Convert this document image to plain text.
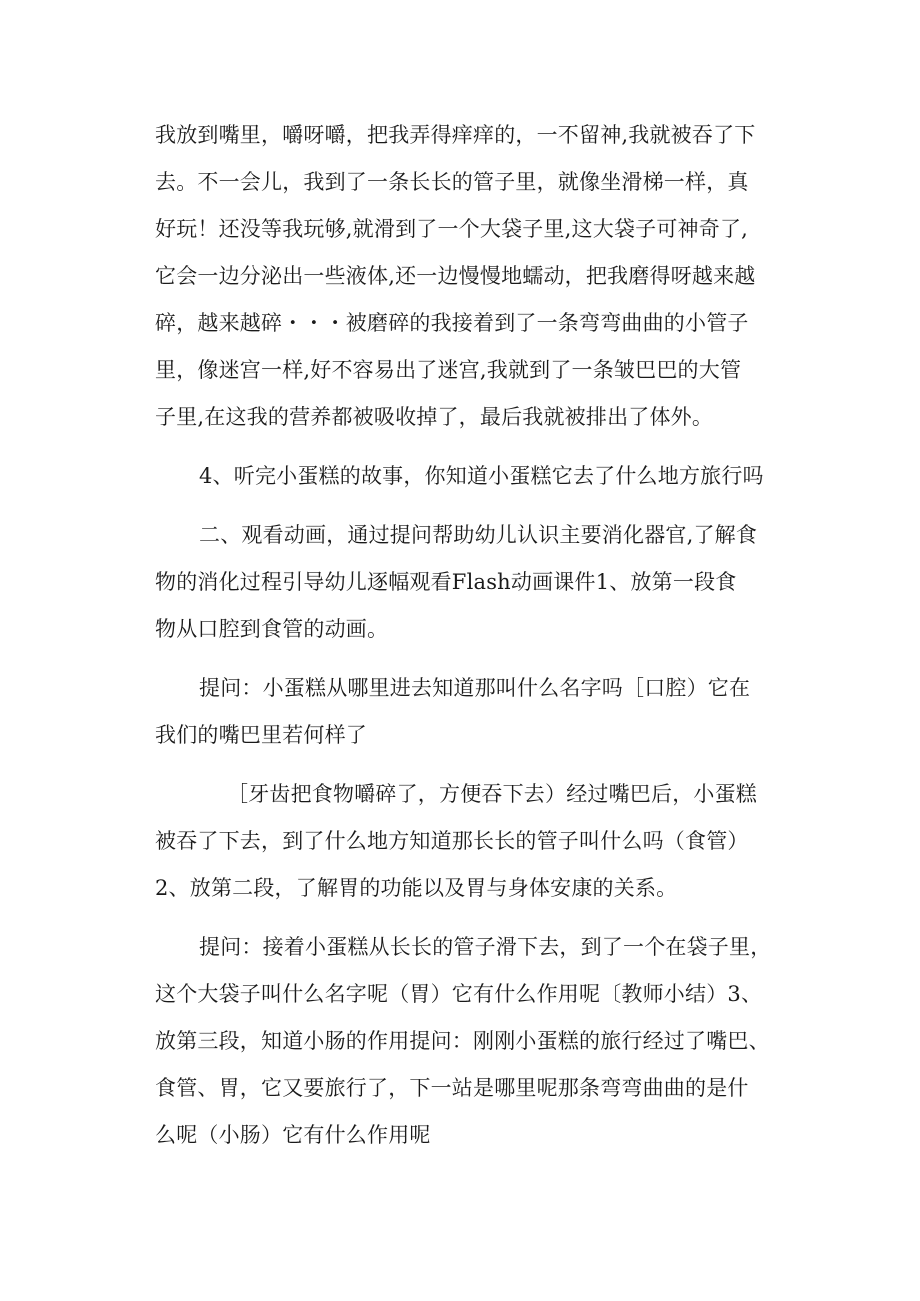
我放到嘴里，嚼呀嚼，把我弄得痒痒的，一不留神,我就被吞了下
去。不一会儿，我到了一条长长的管子里，就像坐滑梯一样，真
好玩！还没等我玩够,就滑到了一个大袋子里,这大袋子可神奇了,
它会一边分泌出一些液体,还一边慢慢地蠕动，把我磨得呀越来越
碎，越来越碎・・・被磨碎的我接着到了一条弯弯曲曲的小管子
里，像迷宫一样,好不容易出了迷宫,我就到了一条皱巴巴的大管
子里,在这我的营养都被吸收掉了，最后我就被排出了体外。

4、听完小蛋糕的故事，你知道小蛋糕它去了什么地方旅行吗

二、观看动画，通过提问帮助幼儿认识主要消化器官,了解食
物的消化过程引导幼儿逐幅观看Flash动画课件1、放第一段食
物从口腔到食管的动画。

提问：小蛋糕从哪里进去知道那叫什么名字吗［口腔）它在
我们的嘴巴里若何样了

［牙齿把食物嚼碎了，方便吞下去）经过嘴巴后，小蛋糕
被吞了下去，到了什么地方知道那长长的管子叫什么吗（食管）
2、放第二段，了解胃的功能以及胃与身体安康的关系。

提问：接着小蛋糕从长长的管子滑下去，到了一个在袋子里，
这个大袋子叫什么名字呢（胃）它有什么作用呢〔教师小结）3、
放第三段，知道小肠的作用提问：刚刚小蛋糕的旅行经过了嘴巴、
食管、胃，它又要旅行了，下一站是哪里呢那条弯弯曲曲的是什
么呢（小肠）它有什么作用呢
